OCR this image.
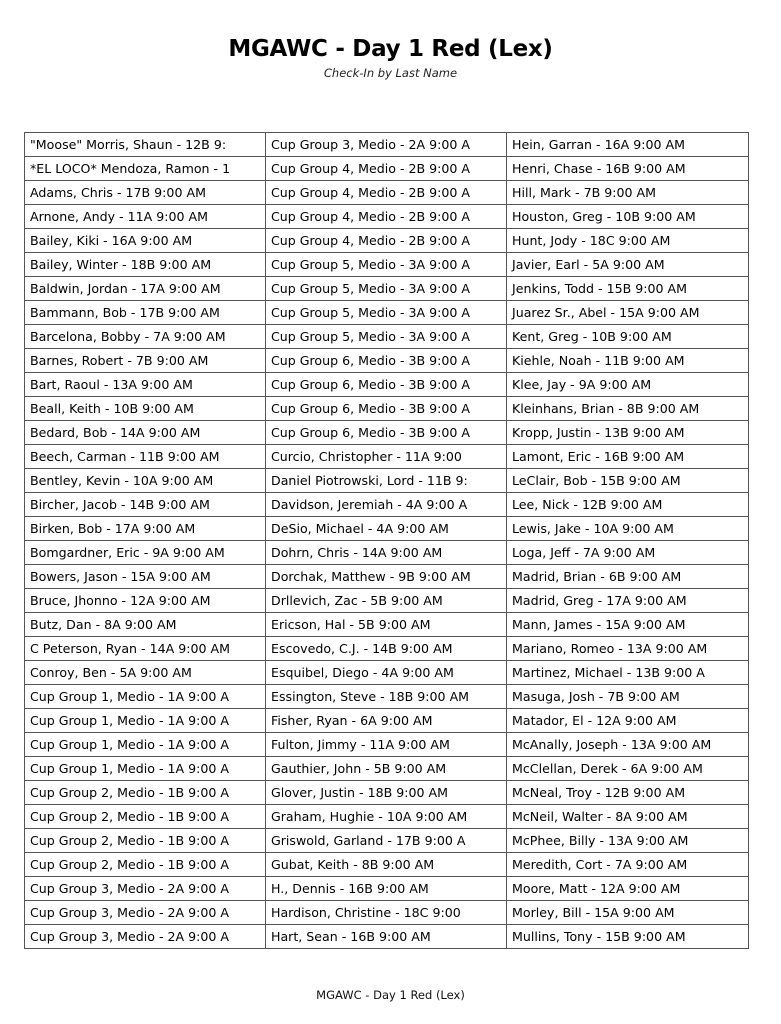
MGAWC - Day 1 Red (Lex)
Check-In by Last Name
"Moose" Morris, Shaun - 12B 9:	Cup Group 3, Medio - 2A 9:00 A	Hein, Garran - 16A 9:00 AM
*EL LOCO* Mendoza, Ramon - 1	Cup Group 4, Medio - 2B 9:00 A	Henri, Chase - 16B 9:00 AM
Adams, Chris - 17B 9:00 AM	Cup Group 4, Medio - 2B 9:00 A	Hill, Mark - 7B 9:00 AM
Arnone, Andy - 11A 9:00 AM	Cup Group 4, Medio - 2B 9:00 A	Houston, Greg - 10B 9:00 AM
Bailey, Kiki - 16A 9:00 AM	Cup Group 4, Medio - 2B 9:00 A	Hunt, Jody - 18C 9:00 AM
Bailey, Winter - 18B 9:00 AM	Cup Group 5, Medio - 3A 9:00 A	Javier, Earl - 5A 9:00 AM
Baldwin, Jordan - 17A 9:00 AM	Cup Group 5, Medio - 3A 9:00 A	Jenkins, Todd - 15B 9:00 AM
Bammann, Bob - 17B 9:00 AM	Cup Group 5, Medio - 3A 9:00 A	Juarez Sr., Abel - 15A 9:00 AM
Barcelona, Bobby - 7A 9:00 AM	Cup Group 5, Medio - 3A 9:00 A	Kent, Greg - 10B 9:00 AM
Barnes, Robert - 7B 9:00 AM	Cup Group 6, Medio - 3B 9:00 A	Kiehle, Noah - 11B 9:00 AM
Bart, Raoul - 13A 9:00 AM	Cup Group 6, Medio - 3B 9:00 A	Klee, Jay - 9A 9:00 AM
Beall, Keith - 10B 9:00 AM	Cup Group 6, Medio - 3B 9:00 A	Kleinhans, Brian - 8B 9:00 AM
Bedard, Bob - 14A 9:00 AM	Cup Group 6, Medio - 3B 9:00 A	Kropp, Justin - 13B 9:00 AM
Beech, Carman - 11B 9:00 AM	Curcio, Christopher - 11A 9:00	Lamont, Eric - 16B 9:00 AM
Bentley, Kevin - 10A 9:00 AM	Daniel Piotrowski, Lord - 11B 9:	LeClair, Bob - 15B 9:00 AM
Bircher, Jacob - 14B 9:00 AM	Davidson, Jeremiah - 4A 9:00 A	Lee, Nick - 12B 9:00 AM
Birken, Bob - 17A 9:00 AM	DeSio, Michael - 4A 9:00 AM	Lewis, Jake - 10A 9:00 AM
Bomgardner, Eric - 9A 9:00 AM	Dohrn, Chris - 14A 9:00 AM	Loga, Jeff - 7A 9:00 AM
Bowers, Jason - 15A 9:00 AM	Dorchak, Matthew - 9B 9:00 AM	Madrid, Brian - 6B 9:00 AM
Bruce, Jhonno - 12A 9:00 AM	Drllevich, Zac - 5B 9:00 AM	Madrid, Greg - 17A 9:00 AM
Butz, Dan - 8A 9:00 AM	Ericson, Hal - 5B 9:00 AM	Mann, James - 15A 9:00 AM
C Peterson, Ryan - 14A 9:00 AM	Escovedo, C.J. - 14B 9:00 AM	Mariano, Romeo - 13A 9:00 AM
Conroy, Ben - 5A 9:00 AM	Esquibel, Diego - 4A 9:00 AM	Martinez, Michael - 13B 9:00 A
Cup Group 1, Medio - 1A 9:00 A	Essington, Steve - 18B 9:00 AM	Masuga, Josh - 7B 9:00 AM
Cup Group 1, Medio - 1A 9:00 A	Fisher, Ryan - 6A 9:00 AM	Matador, El - 12A 9:00 AM
Cup Group 1, Medio - 1A 9:00 A	Fulton, Jimmy - 11A 9:00 AM	McAnally, Joseph - 13A 9:00 AM
Cup Group 1, Medio - 1A 9:00 A	Gauthier, John - 5B 9:00 AM	McClellan, Derek - 6A 9:00 AM
Cup Group 2, Medio - 1B 9:00 A	Glover, Justin - 18B 9:00 AM	McNeal, Troy - 12B 9:00 AM
Cup Group 2, Medio - 1B 9:00 A	Graham, Hughie - 10A 9:00 AM	McNeil, Walter - 8A 9:00 AM
Cup Group 2, Medio - 1B 9:00 A	Griswold, Garland - 17B 9:00 A	McPhee, Billy - 13A 9:00 AM
Cup Group 2, Medio - 1B 9:00 A	Gubat, Keith - 8B 9:00 AM	Meredith, Cort - 7A 9:00 AM
Cup Group 3, Medio - 2A 9:00 A	H., Dennis - 16B 9:00 AM	Moore, Matt - 12A 9:00 AM
Cup Group 3, Medio - 2A 9:00 A	Hardison, Christine - 18C 9:00	Morley, Bill - 15A 9:00 AM
Cup Group 3, Medio - 2A 9:00 A	Hart, Sean - 16B 9:00 AM	Mullins, Tony - 15B 9:00 AM
MGAWC - Day 1 Red (Lex)
